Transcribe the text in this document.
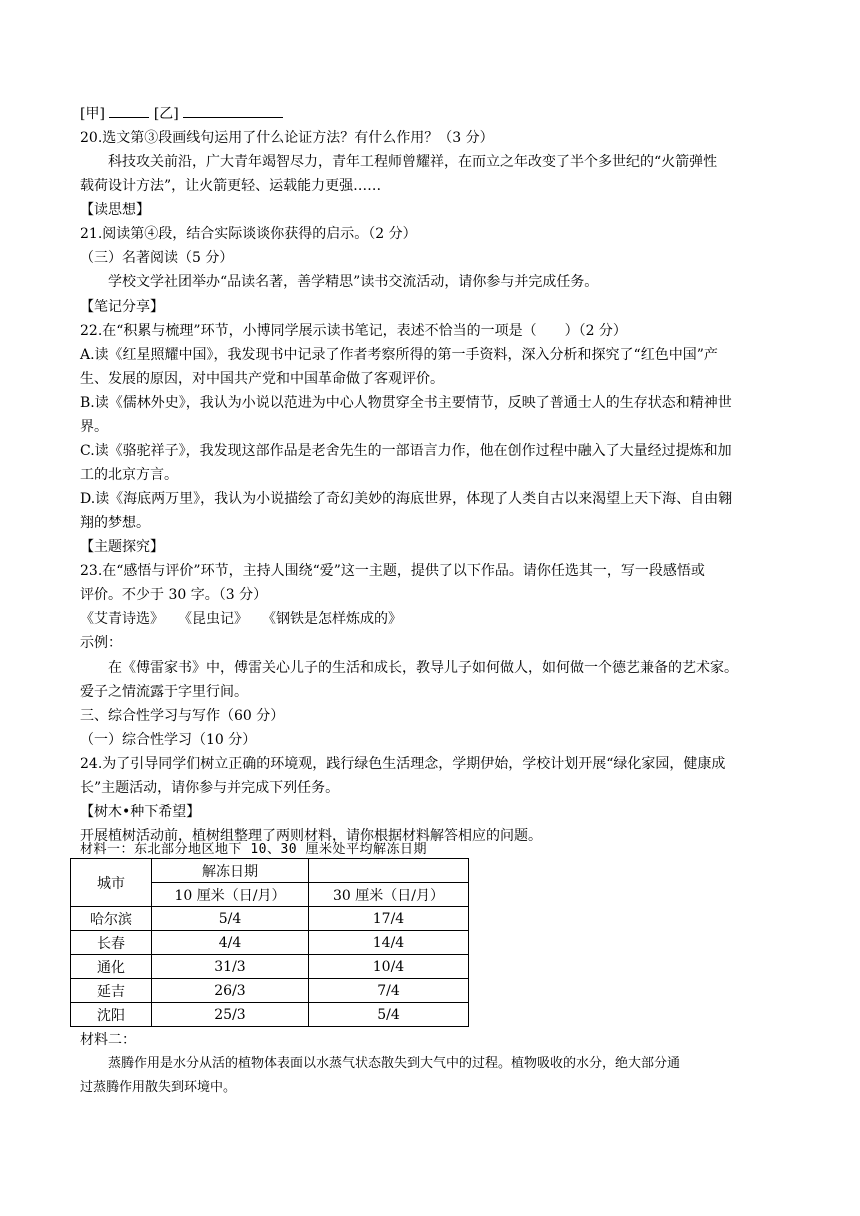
[甲]	[乙]
20.选文第③段画线句运用了什么论证方法？有什么作用？（3 分）
科技攻关前沿，广大青年竭智尽力，青年工程师曾耀祥，在而立之年改变了半个多世纪的“火箭弹性
载荷设计方法”，让火箭更轻、运载能力更强……
【读思想】
21.阅读第④段，结合实际谈谈你获得的启示。（2 分）
（三）名著阅读（5 分）
学校文学社团举办“品读名著，善学精思”读书交流活动，请你参与并完成任务。
【笔记分享】
22.在“积累与梳理”环节，小博同学展示读书笔记，表述不恰当的一项是（　　）（2 分）
A.读《红星照耀中国》，我发现书中记录了作者考察所得的第一手资料，深入分析和探究了“红色中国”产
生、发展的原因，对中国共产党和中国革命做了客观评价。
B.读《儒林外史》，我认为小说以范进为中心人物贯穿全书主要情节，反映了普通士人的生存状态和精神世
界。
C.读《骆驼祥子》，我发现这部作品是老舍先生的一部语言力作，他在创作过程中融入了大量经过提炼和加
工的北京方言。
D.读《海底两万里》，我认为小说描绘了奇幻美妙的海底世界，体现了人类自古以来渴望上天下海、自由翱
翔的梦想。
【主题探究】
23.在“感悟与评价”环节，主持人围绕“爱”这一主题，提供了以下作品。请你任选其一，写一段感悟或
评价。不少于 30 字。（3 分）
《艾青诗选》　　《昆虫记》　　《钢铁是怎样炼成的》
示例：
在《傅雷家书》中，傅雷关心儿子的生活和成长，教导儿子如何做人，如何做一个德艺兼备的艺术家。
爱子之情流露于字里行间。
三、综合性学习与写作（60 分）
（一）综合性学习（10 分）
24.为了引导同学们树立正确的环境观，践行绿色生活理念，学期伊始，学校计划开展“绿化家园，健康成
长”主题活动，请你参与并完成下列任务。
【树木•种下希望】
开展植树活动前，植树组整理了两则材料，请你根据材料解答相应的问题。
材料一：东北部分地区地下 10、30 厘米处平均解冻日期
城市	解冻日期	
	10 厘米（日/月）	30 厘米（日/月）
哈尔滨	5/4	17/4
长春	4/4	14/4
通化	31/3	10/4
延吉	26/3	7/4
沈阳	25/3	5/4
材料二：
蒸腾作用是水分从活的植物体表面以水蒸气状态散失到大气中的过程。植物吸收的水分，绝大部分通
过蒸腾作用散失到环境中。
